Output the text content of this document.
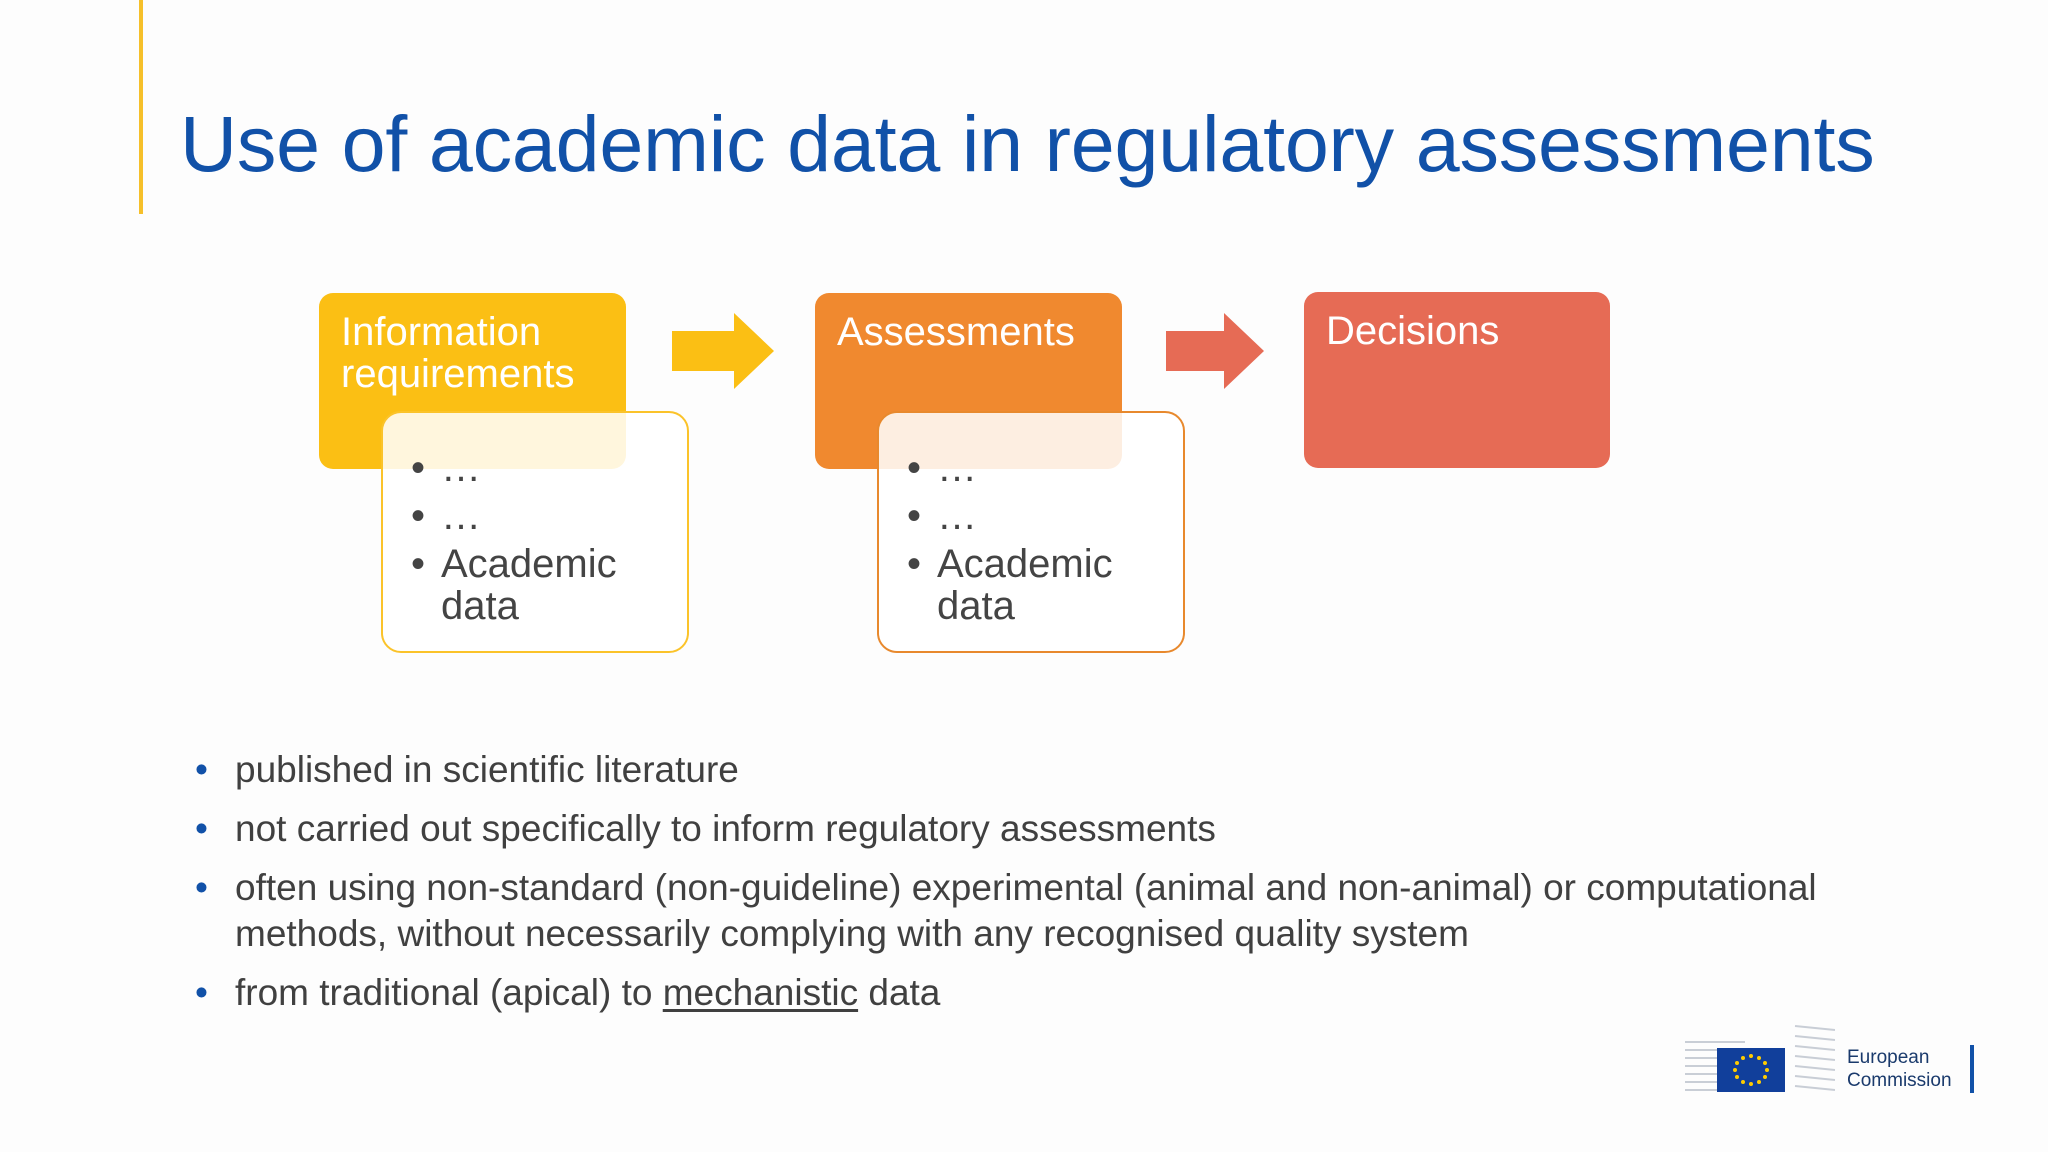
Use of academic data in regulatory assessments
Information requirements
• …
• …
• Academic data
Assessments
• …
• …
• Academic data
Decisions
• published in scientific literature
• not carried out specifically to inform regulatory assessments
• often using non-standard (non-guideline) experimental (animal and non-animal) or computational methods, without necessarily complying with any recognised quality system
• from traditional (apical) to mechanistic data
European
Commission
